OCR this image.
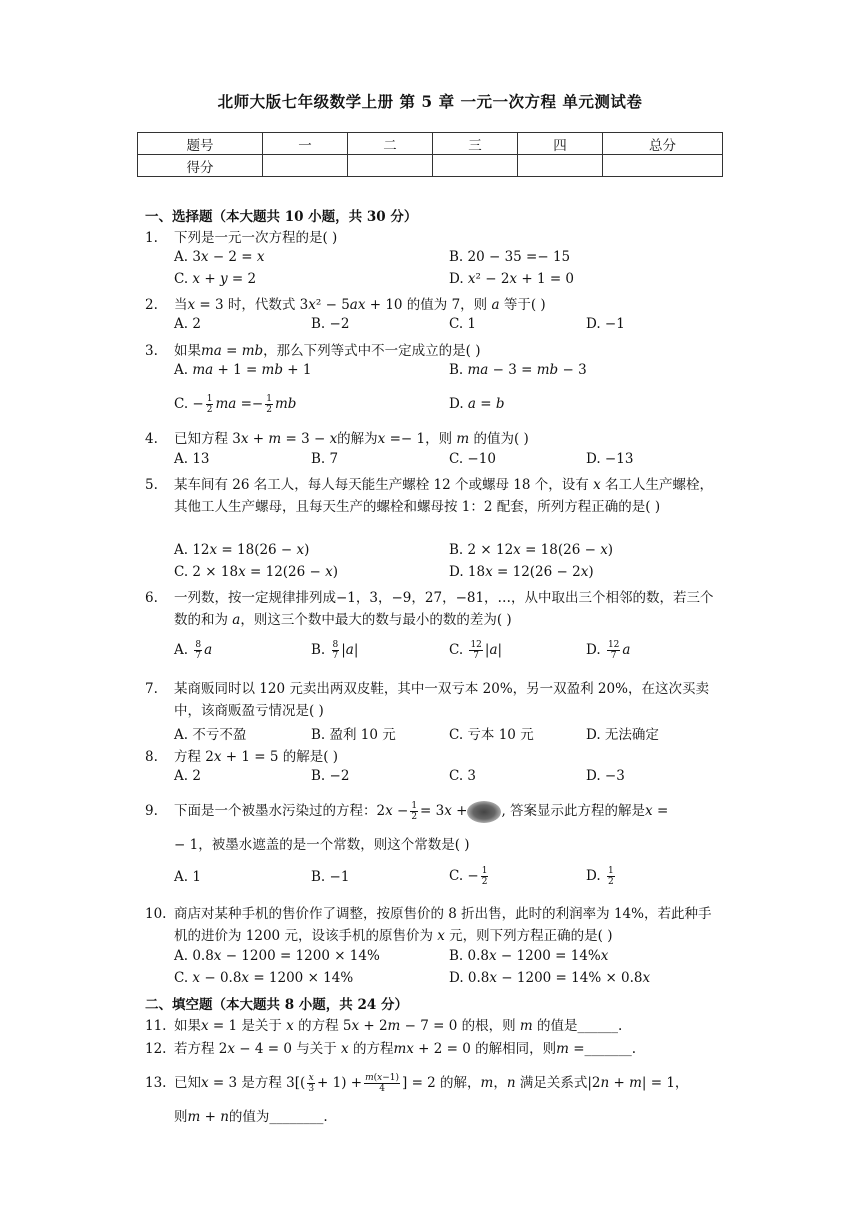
北师大版七年级数学上册 第 5 章 一元一次方程 单元测试卷
题号	一	二	三	四	总分
得分					
一、选择题（本大题共 10 小题，共 30 分）
1.	下列是一元一次方程的是( )
A. 3𝑥 − 2 = 𝑥	B. 20 − 35 =− 15
C. 𝑥 + 𝑦 = 2	D. 𝑥² − 2𝑥 + 1 = 0
2.	当𝑥 = 3 时，代数式 3𝑥² − 5𝑎𝑥 + 10 的值为 7，则 𝑎 等于( )
A. 2	B. −2	C. 1	D. −1
3.	如果𝑚𝑎 = 𝑚𝑏，那么下列等式中不一定成立的是( )
A. 𝑚𝑎 + 1 = 𝑚𝑏 + 1	B. 𝑚𝑎 − 3 = 𝑚𝑏 − 3
C. − $\frac{1}{2}$ 𝑚𝑎 =− $\frac{1}{2}$ 𝑚𝑏	D. 𝑎 = 𝑏
4.	已知方程 3𝑥 + 𝑚 = 3 − 𝑥的解为𝑥 =− 1，则 𝑚 的值为( )
A. 13	B. 7	C. −10	D. −13
5.	某车间有 26 名工人，每人每天能生产螺栓 12 个或螺母 18 个，设有 𝑥 名工人生产螺栓，其他工人生产螺母，且每天生产的螺栓和螺母按 1：2 配套，所列方程正确的是( )
A. 12𝑥 = 18(26 − 𝑥)	B. 2 × 12𝑥 = 18(26 − 𝑥)
C. 2 × 18𝑥 = 12(26 − 𝑥)	D. 18𝑥 = 12(26 − 2𝑥)
6.	一列数，按一定规律排列成−1，3，−9，27，−81，…，从中取出三个相邻的数，若三个数的和为 𝑎，则这三个数中最大的数与最小的数的差为( )
A. $\frac{8}{7}$ 𝑎	B. $\frac{8}{7}$ |𝑎|	C. $\frac{12}{7}$ |𝑎|	D. $\frac{12}{7}$ 𝑎
7.	某商贩同时以 120 元卖出两双皮鞋，其中一双亏本 20%，另一双盈利 20%，在这次买卖中，该商贩盈亏情况是( )
A. 不亏不盈	B. 盈利 10 元	C. 亏本 10 元	D. 无法确定
8.	方程 2𝑥 + 1 = 5 的解是( )
A. 2	B. −2	C. 3	D. −3
9.	下面是一个被墨水污染过的方程：2𝑥 − $\frac{1}{2}$ = 3𝑥 +	, 答案显示此方程的解是𝑥 =
− 1，被墨水遮盖的是一个常数，则这个常数是( )
A. 1	B. −1	C. − $\frac{1}{2}$	D. $\frac{1}{2}$
10. 商店对某种手机的售价作了调整，按原售价的 8 折出售，此时的利润率为 14%，若此种手机的进价为 1200 元，设该手机的原售价为 𝑥 元，则下列方程正确的是( )
A. 0.8𝑥 − 1200 = 1200 × 14%	B. 0.8𝑥 − 1200 = 14%𝑥
C. 𝑥 − 0.8𝑥 = 1200 × 14%	D. 0.8𝑥 − 1200 = 14% × 0.8𝑥
二、填空题（本大题共 8 小题，共 24 分）
11. 如果𝑥 = 1 是关于 𝑥 的方程 5𝑥 + 2𝑚 − 7 = 0 的根，则 𝑚 的值是______.
12. 若方程 2𝑥 − 4 = 0 与关于 𝑥 的方程𝑚𝑥 + 2 = 0 的解相同，则𝑚 =_______.
13. 已知𝑥 = 3 是方程 $3[( \frac{\text{𝑥}}{3} + 1) + \frac{\text{𝑚(𝑥−1)}}{4}$ ] = 2 的解，𝑚，𝑛 满足关系式|2𝑛 + 𝑚| = 1，
则𝑚 + 𝑛的值为________.
